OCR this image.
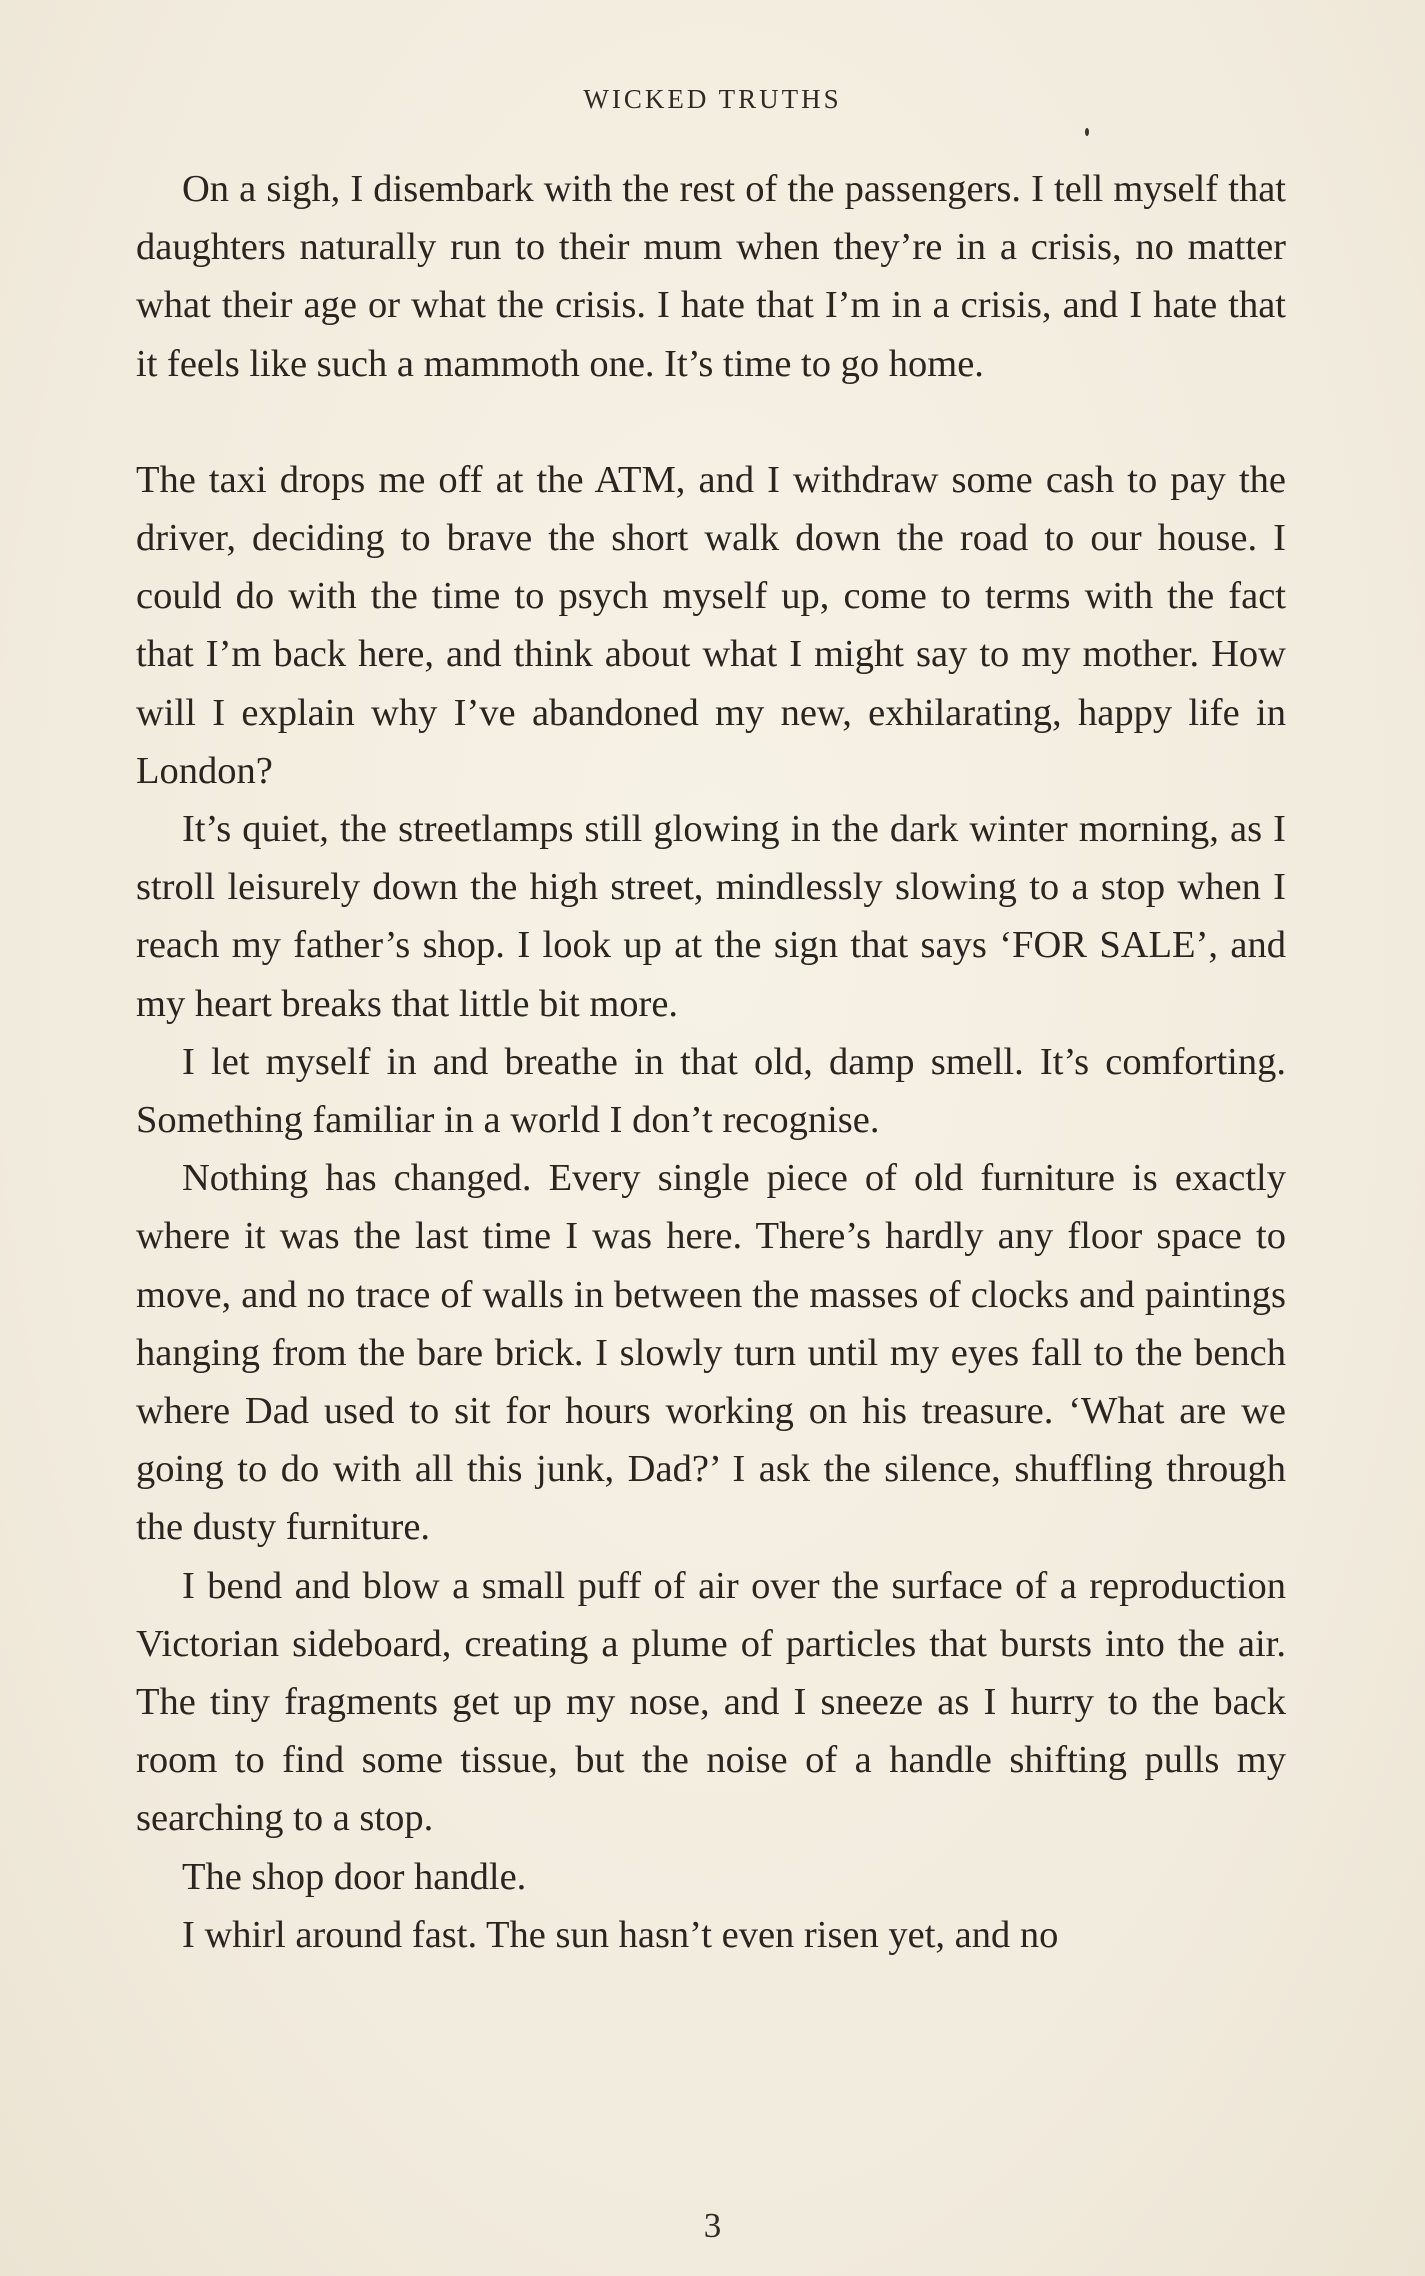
WICKED TRUTHS

On a sigh, I disembark with the rest of the passengers. I tell myself that daughters naturally run to their mum when they’re in a crisis, no matter what their age or what the crisis. I hate that I’m in a crisis, and I hate that it feels like such a mammoth one. It’s time to go home.

The taxi drops me off at the ATM, and I withdraw some cash to pay the driver, deciding to brave the short walk down the road to our house. I could do with the time to psych myself up, come to terms with the fact that I’m back here, and think about what I might say to my mother. How will I explain why I’ve abandoned my new, exhilarating, happy life in London?

It’s quiet, the streetlamps still glowing in the dark winter morning, as I stroll leisurely down the high street, mindlessly slowing to a stop when I reach my father’s shop. I look up at the sign that says ‘FOR SALE’, and my heart breaks that little bit more.

I let myself in and breathe in that old, damp smell. It’s comforting. Something familiar in a world I don’t recognise.

Nothing has changed. Every single piece of old furniture is exactly where it was the last time I was here. There’s hardly any floor space to move, and no trace of walls in between the masses of clocks and paintings hanging from the bare brick. I slowly turn until my eyes fall to the bench where Dad used to sit for hours working on his treasure. ‘What are we going to do with all this junk, Dad?’ I ask the silence, shuffling through the dusty furniture.

I bend and blow a small puff of air over the surface of a reproduction Victorian sideboard, creating a plume of particles that bursts into the air. The tiny fragments get up my nose, and I sneeze as I hurry to the back room to find some tissue, but the noise of a handle shifting pulls my searching to a stop.

The shop door handle.

I whirl around fast. The sun hasn’t even risen yet, and no

3
